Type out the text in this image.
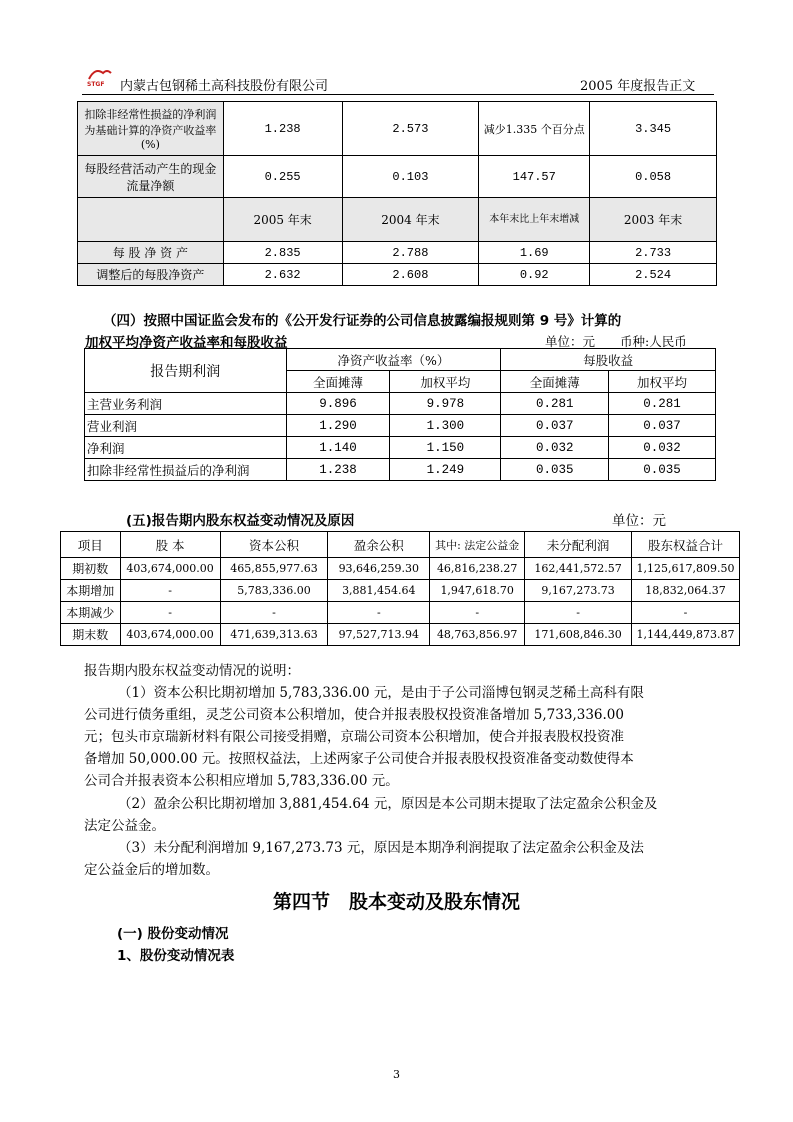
STGF 内蒙古包钢稀土高科技股份有限公司	2005 年度报告正文
扣除非经常性损益的净利润为基础计算的净资产收益率(%)	1.238	2.573	减少1.335 个百分点	3.345
每股经营活动产生的现金流量净额	0.255	0.103	147.57	0.058
	2005 年末	2004 年末	本年末比上年末增减	2003 年末
每 股 净 资 产	2.835	2.788	1.69	2.733
调整后的每股净资产	2.632	2.608	0.92	2.524
（四）按照中国证监会发布的《公开发行证券的公司信息披露编报规则第 9 号》计算的
加权平均净资产收益率和每股收益	单位：元　　币种:人民币
报告期利润	净资产收益率（%）		每股收益	
	全面摊薄	加权平均	全面摊薄	加权平均
主营业务利润	9.896	9.978	0.281	0.281
营业利润	1.290	1.300	0.037	0.037
净利润	1.140	1.150	0.032	0.032
扣除非经常性损益后的净利润	1.238	1.249	0.035	0.035
(五)报告期内股东权益变动情况及原因	单位：元
项目	股 本	资本公积	盈余公积	其中: 法定公益金	未分配利润	股东权益合计
期初数	403,674,000.00	465,855,977.63	93,646,259.30	46,816,238.27	162,441,572.57	1,125,617,809.50
本期增加	-	5,783,336.00	3,881,454.64	1,947,618.70	9,167,273.73	18,832,064.37
本期减少	-	-	-	-	-	-
期末数	403,674,000.00	471,639,313.63	97,527,713.94	48,763,856.97	171,608,846.30	1,144,449,873.87
报告期内股东权益变动情况的说明：
（1）资本公积比期初增加 5,783,336.00 元，是由于子公司淄博包钢灵芝稀土高科有限
公司进行债务重组，灵芝公司资本公积增加，使合并报表股权投资准备增加 5,733,336.00
元；包头市京瑞新材料有限公司接受捐赠，京瑞公司资本公积增加，使合并报表股权投资准
备增加 50,000.00 元。按照权益法，上述两家子公司使合并报表股权投资准备变动数使得本
公司合并报表资本公积相应增加 5,783,336.00 元。
（2）盈余公积比期初增加 3,881,454.64 元，原因是本公司期末提取了法定盈余公积金及
法定公益金。
（3）未分配利润增加 9,167,273.73 元，原因是本期净利润提取了法定盈余公积金及法
定公益金后的增加数。
第四节　股本变动及股东情况
(一) 股份变动情况
1、股份变动情况表
3
